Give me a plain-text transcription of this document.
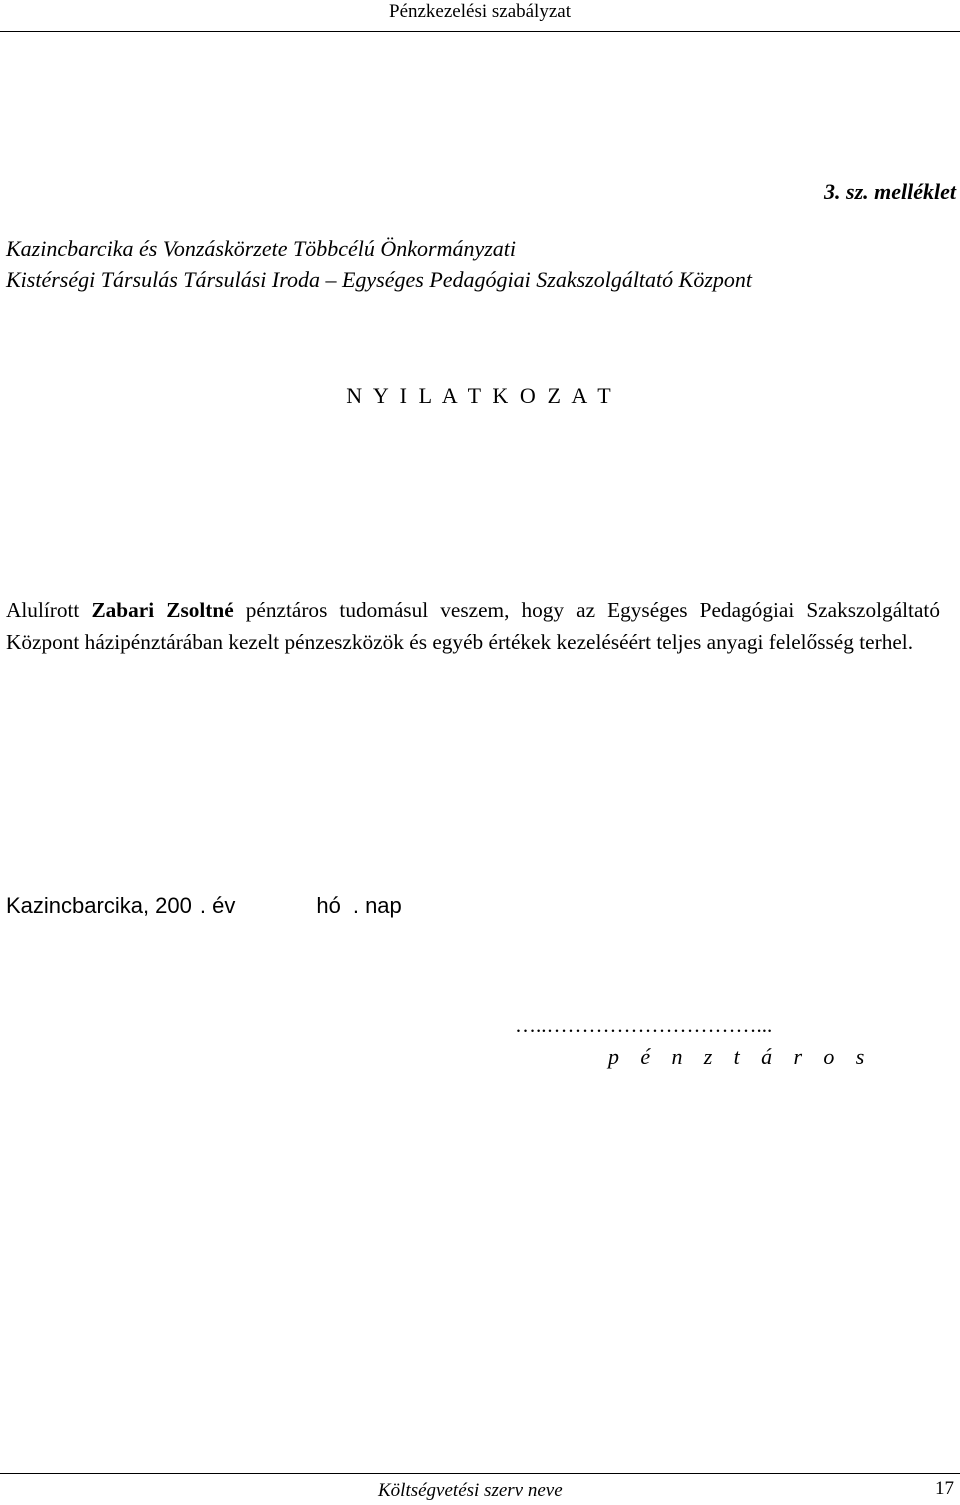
Pénzkezelési szabályzat
3. sz. melléklet
Kazincbarcika és Vonzáskörzete Többcélú Önkormányzati
Kistérségi Társulás Társulási Iroda – Egységes Pedagógiai Szakszolgáltató Központ
N Y I L A T K O Z A T
Alulírott Zabari Zsoltné pénztáros tudomásul veszem, hogy az Egységes Pedagógiai Szakszolgáltató Központ házipénztárában kezelt pénzeszközök és egyéb értékek kezeléséért teljes anyagi felelősség terhel.
Kazincbarcika, 200 . év	hó . nap
…..…………………………...
p é n z t á r o s
Költségvetési szerv neve	17
